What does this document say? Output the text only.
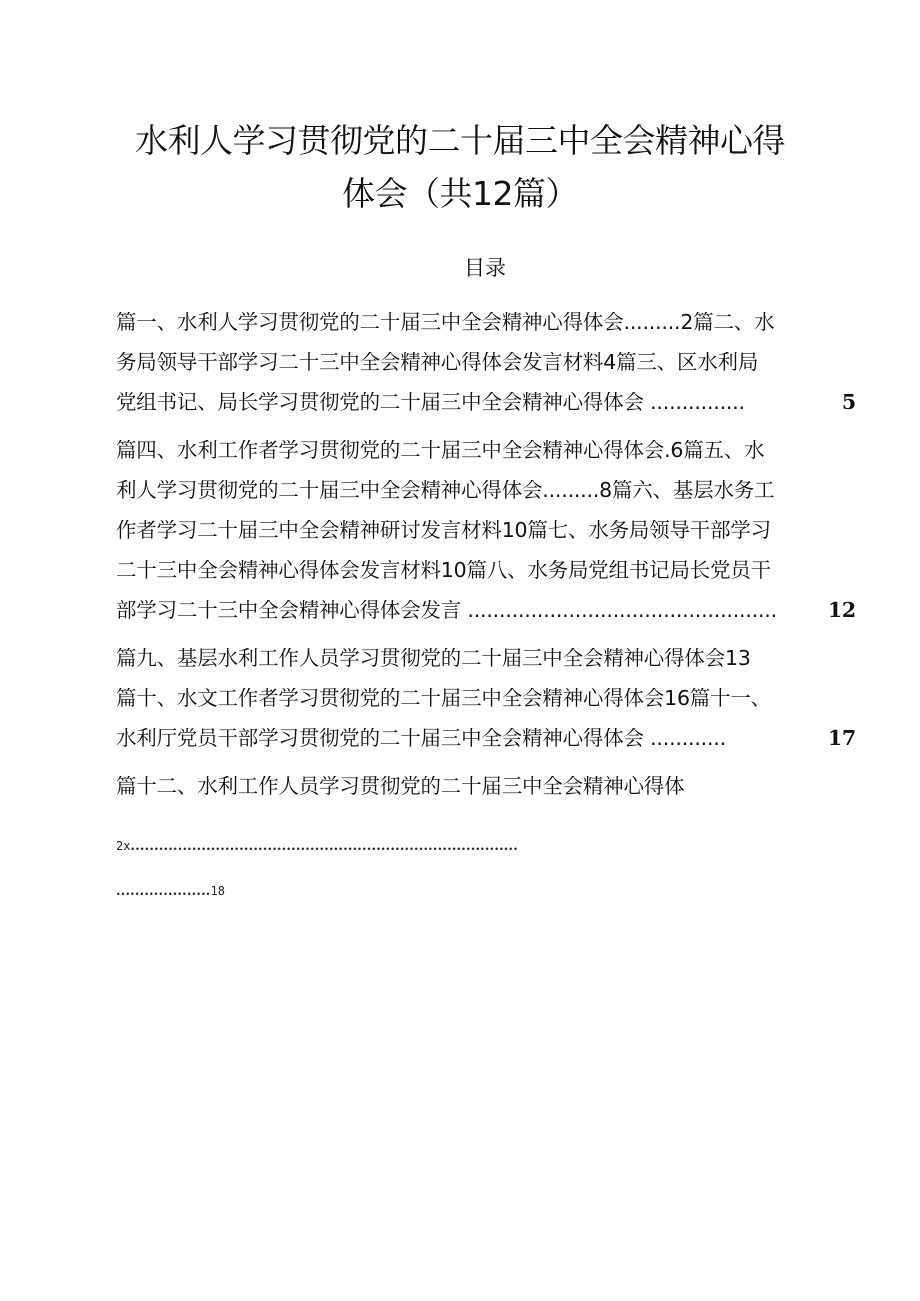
水利人学习贯彻党的二十届三中全会精神心得
体会（共12篇）
目录
篇一、水利人学习贯彻党的二十届三中全会精神心得体会.........2篇二、水
务局领导干部学习二十三中全会精神心得体会发言材料4篇三、区水利局
党组书记、局长学习贯彻党的二十届三中全会精神心得体会 ...............	5
篇四、水利工作者学习贯彻党的二十届三中全会精神心得体会.6篇五、水
利人学习贯彻党的二十届三中全会精神心得体会.........8篇六、基层水务工
作者学习二十届三中全会精神研讨发言材料10篇七、水务局领导干部学习
二十三中全会精神心得体会发言材料10篇八、水务局党组书记局长党员干
部学习二十三中全会精神心得体会发言 ................................................. 12
篇九、基层水利工作人员学习贯彻党的二十届三中全会精神心得体会13
篇十、水文工作者学习贯彻党的二十届三中全会精神心得体会16篇十一、
水利厅党员干部学习贯彻党的二十届三中全会精神心得体会 ............	17
篇十二、水利工作人员学习贯彻党的二十届三中全会精神心得体
2x..................................................................................
....................18
